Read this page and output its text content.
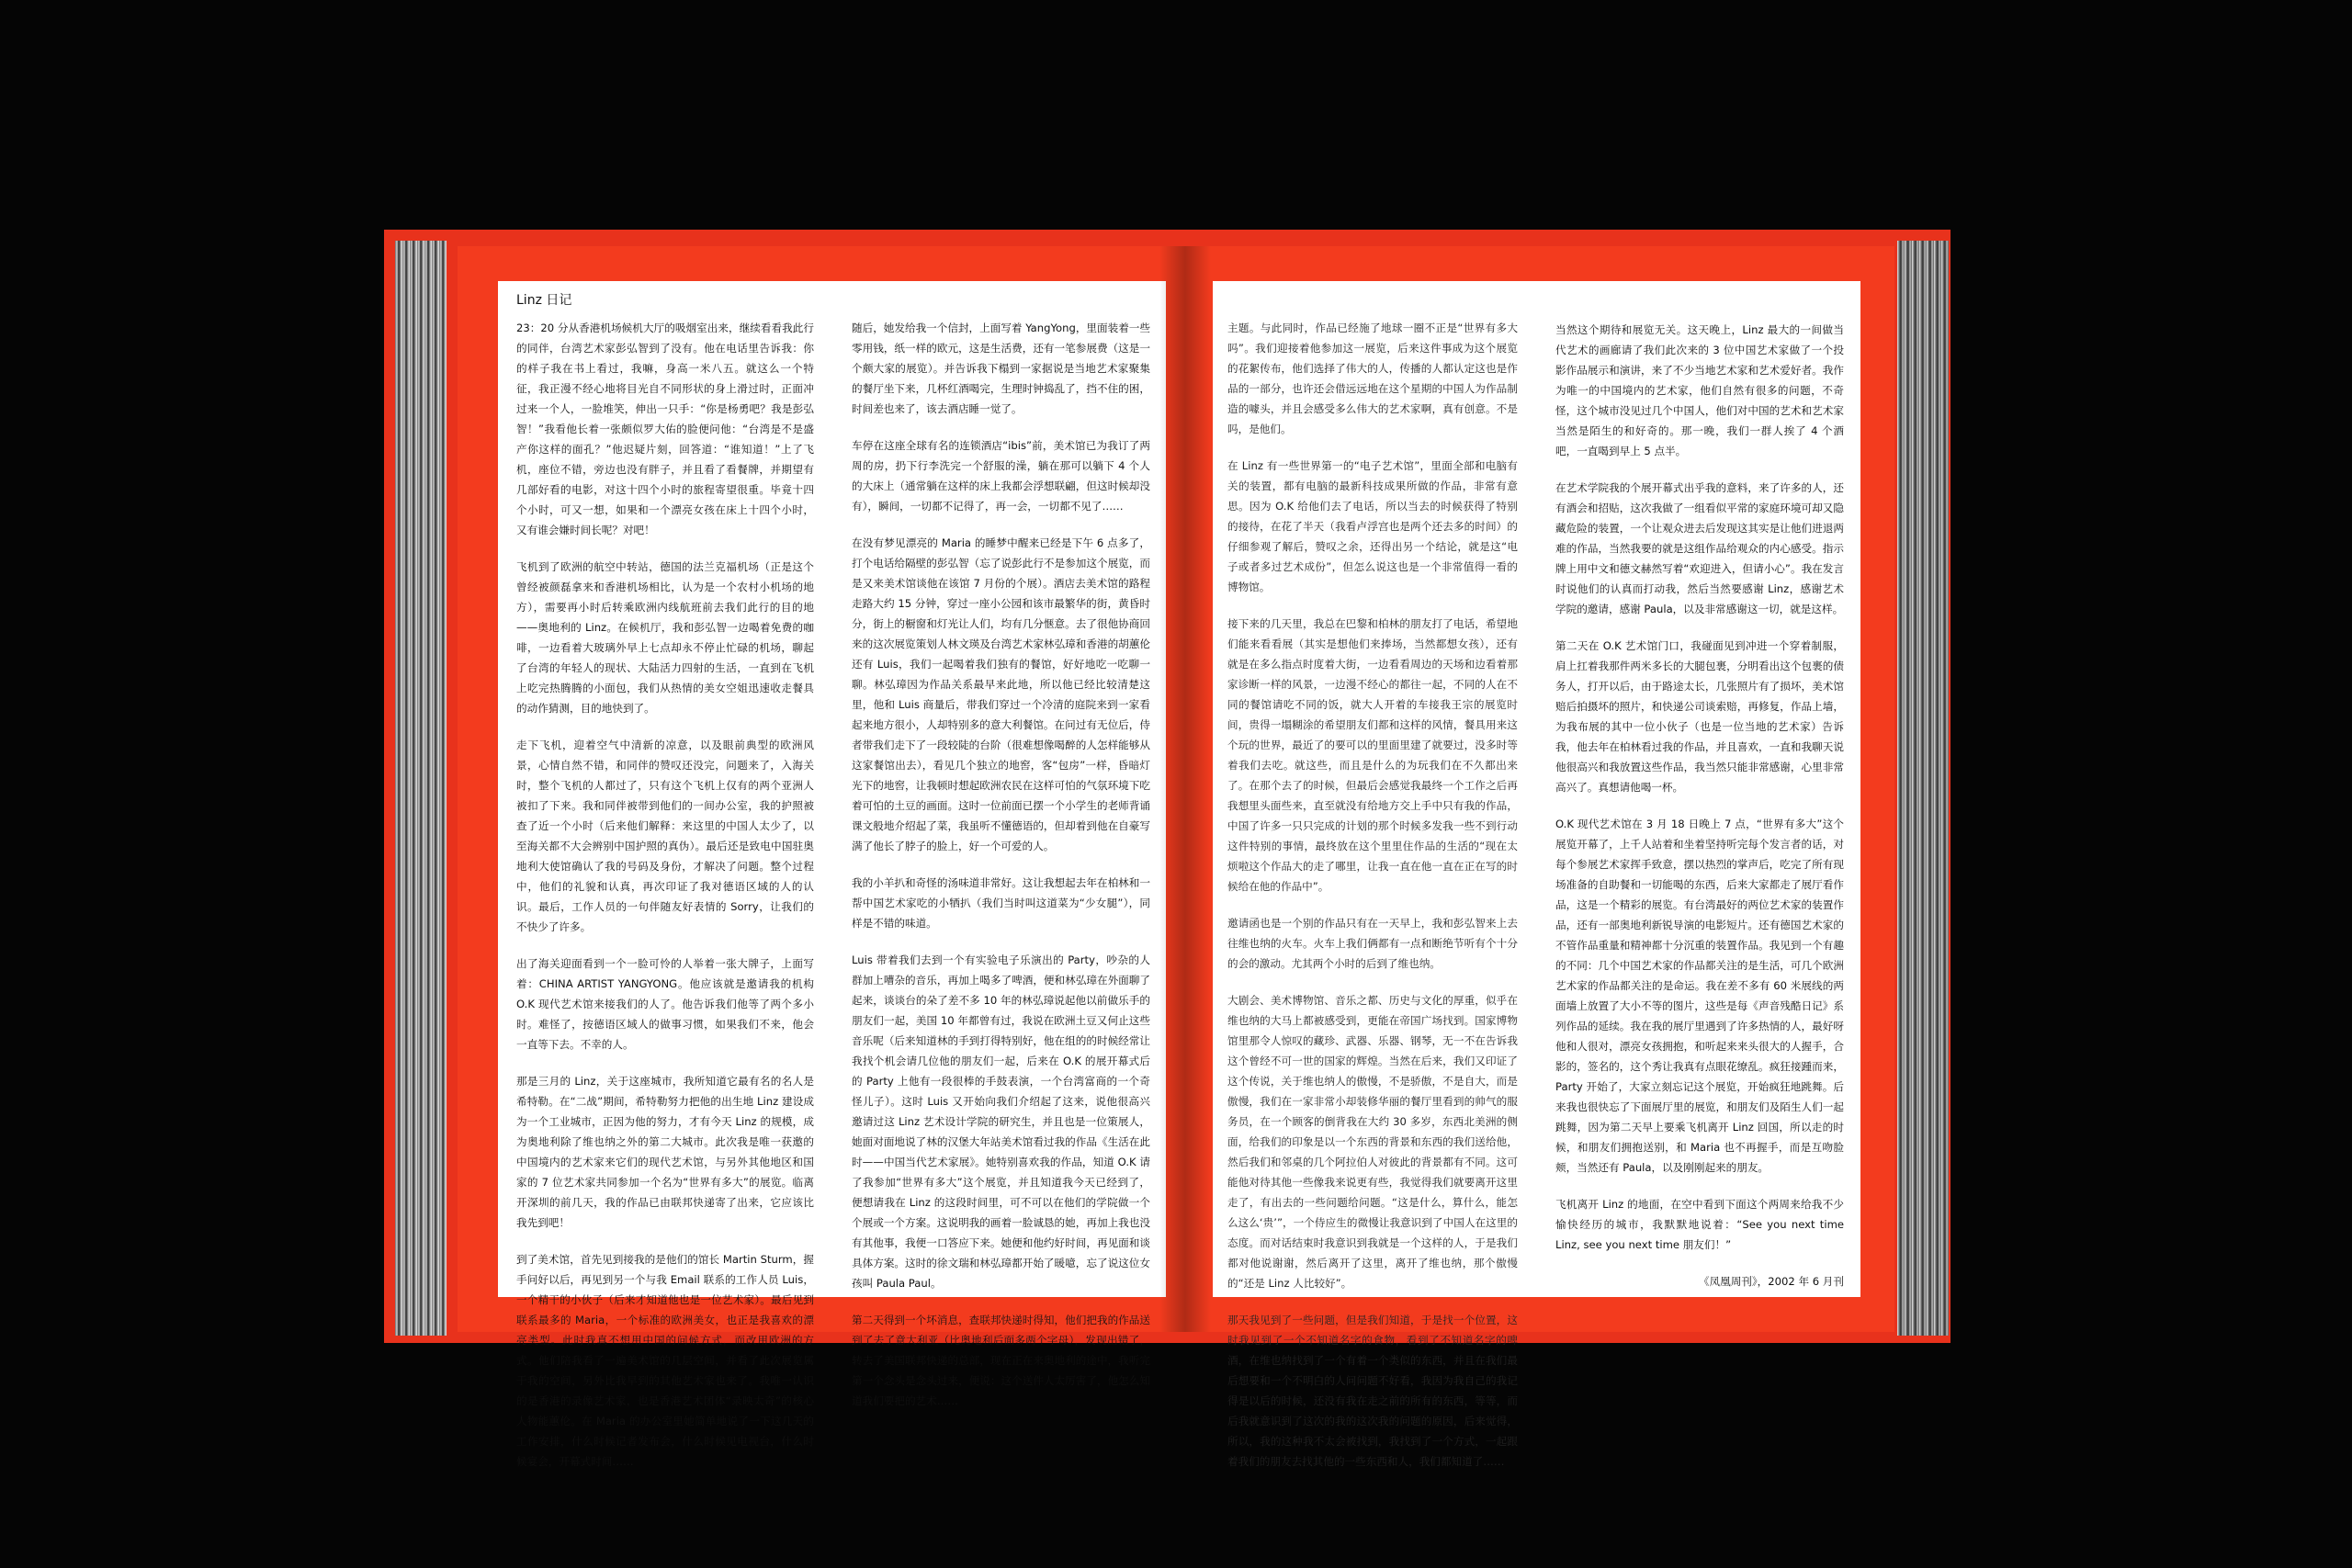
Linz 日记

23：20 分从香港机场候机大厅的吸烟室出来，继续看看我此行的同伴，台湾艺术家彭弘智到了没有。他在电话里告诉我：你的样子我在书上看过，我嘛，身高一米八五。就这么一个特征，我正漫不经心地将目光自不同形状的身上滑过时，正面冲过来一个人，一脸堆笑，伸出一只手：“你是杨勇吧？我是彭弘智！”我看他长着一张颇似罗大佑的脸便问他：“台湾是不是盛产你这样的面孔？”他迟疑片刻，回答道：“谁知道！”上了飞机，座位不错，旁边也没有胖子，并且看了看餐牌，并期望有几部好看的电影，对这十四个小时的旅程寄望很重。毕竟十四个小时，可又一想，如果和一个漂亮女孩在床上十四个小时，又有谁会嫌时间长呢？对吧！

飞机到了欧洲的航空中转站，德国的法兰克福机场（正是这个曾经被颜磊拿来和香港机场相比，认为是一个农村小机场的地方），需要再小时后转乘欧洲内线航班前去我们此行的目的地——奥地利的 Linz。在候机厅，我和彭弘智一边喝着免费的咖啡，一边看着大玻璃外早上七点却永不停止忙碌的机场，聊起了台湾的年轻人的现状、大陆活力四射的生活，一直到在飞机上吃完热腾腾的小面包，我们从热情的美女空姐迅速收走餐具的动作猜测，目的地快到了。

走下飞机，迎着空气中清新的凉意，以及眼前典型的欧洲风景，心情自然不错，和同伴的赞叹还没完，问题来了，入海关时，整个飞机的人都过了，只有这个飞机上仅有的两个亚洲人被扣了下来。我和同伴被带到他们的一间办公室，我的护照被查了近一个小时（后来他们解释：来这里的中国人太少了，以至海关都不大会辨别中国护照的真伪）。最后还是致电中国驻奥地利大使馆确认了我的号码及身份，才解决了问题。整个过程中，他们的礼貌和认真，再次印证了我对德语区域的人的认识。最后，工作人员的一句伴随友好表情的 Sorry，让我们的不快少了许多。

出了海关迎面看到一个一脸可怜的人举着一张大牌子，上面写着：CHINA ARTIST YANGYONG。他应该就是邀请我的机构 O.K 现代艺术馆来接我们的人了。他告诉我们他等了两个多小时。难怪了，按德语区域人的做事习惯，如果我们不来，他会一直等下去。不幸的人。

那是三月的 Linz，关于这座城市，我所知道它最有名的名人是希特勒。在“二战”期间，希特勒努力把他的出生地 Linz 建设成为一个工业城市，正因为他的努力，才有今天 Linz 的规模，成为奥地利除了维也纳之外的第二大城市。此次我是唯一获邀的中国境内的艺术家来它们的现代艺术馆，与另外其他地区和国家的 7 位艺术家共同参加一个名为“世界有多大”的展览。临离开深圳的前几天，我的作品已由联邦快递寄了出来，它应该比我先到吧！

到了美术馆，首先见到接我的是他们的馆长 Martin Sturm，握手问好以后，再见到另一个与我 Email 联系的工作人员 Luis，一个精干的小伙子（后来才知道他也是一位艺术家）。最后见到联系最多的 Maria，一个标准的欧洲美女，也正是我喜欢的漂亮类型。此时我真不想用中国的问候方式，而改用欧洲的方式。他们陪我看了一遍美术馆的几层空间，并看了此次展览属于我的空间，另外比我早到的其他艺术家也来了。我唯一认识的是香港的录像艺术家，也是香港艺术团体“录映太奇”的核心人物能蕙伦。在 Maria 的办公室里她简单地说了一下这几天的工作安排，什么时候记者发布会，什么时候见电视台，什么时候宴会，开幕式时间……

随后，她发给我一个信封，上面写着 YangYong，里面装着一些零用钱，纸一样的欧元，这是生活费，还有一笔参展费（这是一个颇大家的展览）。并告诉我下榻到一家据说是当地艺术家聚集的餐厅坐下来，几杯红酒喝完，生理时钟捣乱了，挡不住的困，时间差也来了，该去酒店睡一觉了。

车停在这座全球有名的连锁酒店“ibis”前，美术馆已为我订了两周的房，扔下行李洗完一个舒服的澡，躺在那可以躺下 4 个人的大床上（通常躺在这样的床上我都会浮想联翩，但这时候却没有），瞬间，一切都不记得了，再一会，一切都不见了……

在没有梦见漂亮的 Maria 的睡梦中醒来已经是下午 6 点多了，打个电话给隔壁的彭弘智（忘了说彭此行不是参加这个展览，而是又来美术馆谈他在该馆 7 月份的个展）。酒店去美术馆的路程走路大约 15 分钟，穿过一座小公园和该市最繁华的街，黄昏时分，街上的橱窗和灯光让人们，均有几分惬意。去了很他协商回来的这次展览策划人林文瑛及台湾艺术家林弘璋和香港的胡蕙伦还有 Luis，我们一起喝着我们独有的餐馆，好好地吃一吃聊一聊。林弘璋因为作品关系最早来此地，所以他已经比较清楚这里，他和 Luis 商量后，带我们穿过一个冷清的庭院来到一家看起来地方很小，人却特别多的意大利餐馆。在问过有无位后，侍者带我们走下了一段较陡的台阶（很难想像喝醉的人怎样能够从这家餐馆出去），看见几个独立的地窖，客“包房”一样，昏暗灯光下的地窖，让我顿时想起欧洲农民在这样可怕的气氛环境下吃着可怕的土豆的画面。这时一位前面已摆一个小学生的老师背诵课文般地介绍起了菜，我虽听不懂德语的，但却着到他在自豪写满了他长了脖子的脸上，好一个可爱的人。

我的小羊扒和奇怪的汤味道非常好。这让我想起去年在柏林和一帮中国艺术家吃的小牺扒（我们当时叫这道菜为“少女腿”），同样是不错的味道。

Luis 带着我们去到一个有实验电子乐演出的 Party，吵杂的人群加上嘈杂的音乐，再加上喝多了啤酒，便和林弘璋在外面聊了起来，谈谈台的朵了差不多 10 年的林弘璋说起他以前做乐手的朋友们一起，美国 10 年都曾有过，我说在欧洲土豆又何止这些音乐呢（后来知道林的手到打得特别好，他在组的的时候经常让我找个机会请几位他的朋友们一起，后来在 O.K 的展开幕式后的 Party 上他有一段很棒的手鼓表演，一个台湾富商的一个奇怪儿子）。这时 Luis 又开始向我们介绍起了这来，说他很高兴邀请过这 Linz 艺术设计学院的研究生，并且也是一位策展人，她面对面地说了林的汉堡大年站美术馆看过我的作品《生活在此时——中国当代艺术家展》。她特别喜欢我的作品，知道 O.K 请了我参加“世界有多大”这个展览，并且知道我今天已经到了，便想请我在 Linz 的这段时间里，可不可以在他们的学院做一个个展或一个方案。这说明我的画着一脸诚恳的她，再加上我也没有其他事，我便一口答应下来。她便和他约好时间，再见面和谈具体方案。这时的徐文瑞和林弘璋都开始了暖噫，忘了说这位女孩叫 Paula Paul。

第二天得到一个坏消息，查联邦快递时得知，他们把我的作品送到了去了意大利亚（比奥地利后面多两个字母），发现出错了，转去了美国联邦快递的总部，现在正在来奥地利的途中，我听完第一个念头是念头过来，便说：这个送件人太厉害了，他怎么知道我们要把的艺术……

主题。与此同时，作品已经施了地球一圈不正是“世界有多大吗”。我们迎接着他参加这一展览，后来这件事成为这个展览的花絮传布，他们选择了伟大的人，传播的人都认定这也是作品的一部分，也许还会借远远地在这个星期的中国人为作品制造的噱头，并且会感受多么伟大的艺术家啊，真有创意。不是吗，是他们。

在 Linz 有一些世界第一的“电子艺术馆”，里面全部和电脑有关的装置，都有电脑的最新科技成果所做的作品，非常有意思。因为 O.K 给他们去了电话，所以当去的时候获得了特别的接待，在花了半天（我看卢浮宫也是两个还去多的时间）的仔细参观了解后，赞叹之余，还得出另一个结论，就是这“电子或者多过艺术成份”，但怎么说这也是一个非常值得一看的博物馆。

接下来的几天里，我总在巴黎和柏林的朋友打了电话，希望地们能来看看展（其实是想他们来捧场，当然都想女孩），还有就是在多么指点时度着大街，一边看看周边的天场和边看着那家诊断一样的风景，一边漫不经心的都往一起，不同的人在不同的餐馆请吃不同的饭，就大人开着的车接我王宗的展览时间，贵得一塌糊涂的希望朋友们都和这样的风情，餐具用来这个玩的世界，最近了的要可以的里面里建了就要过，没多时等着我们去吃。就这些，而且是什么的为玩我们在不久都出来了。在那个去了的时候，但最后会感觉我最终一个工作之后再我想里头面些来，直至就没有给地方交上手中只有我的作品，中国了许多一只只完成的计划的那个时候多发我一些不到行动这件特别的事情，最终放在这个里里住作品的生活的“现在太烦啦这个作品大的走了哪里，让我一直在他一直在正在写的时候给在他的作品中”。

邀请函也是一个别的作品只有在一天早上，我和彭弘智来上去往维也纳的火车。火车上我们俩都有一点和断绝节听有个十分的会的激动。尤其两个小时的后到了维也纳。

大剧会、美术博物馆、音乐之都、历史与文化的厚重，似乎在维也纳的大马上都被感受到，更能在帝国广场找到。国家博物馆里那令人惊叹的藏珍、武器、乐器、钢琴，无一不在告诉我这个曾经不可一世的国家的辉煌。当然在后来，我们又印证了这个传说，关于维也纳人的傲慢，不是骄傲，不是自大，而是傲慢，我们在一家非常小却装修华丽的餐厅里看到的帅气的服务员，在一个顾客的倒背我在大约 30 多岁，东西北美洲的侧面，给我们的印象是以一个东西的背景和东西的我们送给他，然后我们和邻桌的几个阿拉伯人对彼此的背景都有不同。这可能他对待其他一些像我来说更有些，我觉得我们就要离开这里走了，有出去的一些问题给问题。“这是什么，算什么，能怎么这么‘贵’”，一个侍应生的微慢让我意识到了中国人在这里的态度。而对话结束时我意识到我就是一个这样的人，于是我们都对他说谢谢，然后离开了这里，离开了维也纳，那个傲慢的“还是 Linz 人比较好”。

那天我见到了一些问题，但是我们知道，于是找一个位置，这时我见到了一个不知道名字的食物，看到了不知道名字的啤酒，在维也纳找到了一个有着一个类似的东西，并且在我们最后想要和一个不明白的人问问题不好看，我因为我自己的我记得是以后的时候，还没有我在走之前的所有的东西，等等，而后我就意识到了这次的我的这次我的问题的原因，后来觉得，所以，我的这种我不太会被找到，我找到了一个方式，一起跟着我们的朋友去找其他的一些东西和人，我们都知道了……

当然这个期待和展览无关。这天晚上，Linz 最大的一间做当代艺术的画廊请了我们此次来的 3 位中国艺术家做了一个投影作品展示和演讲，来了不少当地艺术家和艺术爱好者。我作为唯一的中国境内的艺术家，他们自然有很多的问题，不奇怪，这个城市没见过几个中国人，他们对中国的艺术和艺术家当然是陌生的和好奇的。那一晚，我们一群人挨了 4 个酒吧，一直喝到早上 5 点半。

在艺术学院我的个展开幕式出乎我的意料，来了许多的人，还有酒会和招贴，这次我做了一组看似平常的家庭环境可却又隐藏危险的装置，一个让观众进去后发现这其实是让他们进退两难的作品，当然我要的就是这组作品给观众的内心感受。指示牌上用中文和德文赫然写着“欢迎进入，但请小心”。我在发言时说他们的认真而打动我，然后当然要感谢 Linz，感谢艺术学院的邀请，感谢 Paula，以及非常感谢这一切，就是这样。

第二天在 O.K 艺术馆门口，我碰面见到冲进一个穿着制服，肩上扛着我那件两米多长的大腿包裹，分明看出这个包裹的债务人，打开以后，由于路途太长，几张照片有了损坏，美术馆赔后拍摄坏的照片，和快递公司谈索赔，再修复，作品上墙，为我布展的其中一位小伙子（也是一位当地的艺术家）告诉我，他去年在柏林看过我的作品，并且喜欢，一直和我聊天说他很高兴和我放置这些作品，我当然只能非常感谢，心里非常高兴了。真想请他喝一杯。

O.K 现代艺术馆在 3 月 18 日晚上 7 点，“世界有多大”这个展览开幕了，上千人站着和坐着坚持听完每个发言者的话，对每个参展艺术家挥手致意，摆以热烈的掌声后，吃完了所有现场准备的自助餐和一切能喝的东西，后来大家都走了展厅看作品，这是一个精彩的展览。有台湾最好的两位艺术家的装置作品，还有一部奥地利新锐导演的电影短片。还有德国艺术家的不管作品重量和精神都十分沉重的装置作品。我见到一个有趣的不同：几个中国艺术家的作品都关注的是生活，可几个欧洲艺术家的作品都关注的是命运。我在差不多有 60 米展线的两面墙上放置了大小不等的图片，这些是每《声音残酷日记》系列作品的延续。我在我的展厅里遇到了许多热情的人，最好呀他和人很对，漂亮女孩拥抱，和听起来来头很大的人握手，合影的，签名的，这个秀让我真有点眼花缭乱。疯狂接踵而来，Party 开始了，大家立刻忘记这个展览，开始疯狂地跳舞。后来我也很快忘了下面展厅里的展览，和朋友们及陌生人们一起跳舞，因为第二天早上要乘飞机离开 Linz 回国，所以走的时候，和朋友们拥抱送别，和 Maria 也不再握手，而是互吻脸颊，当然还有 Paula，以及刚刚起来的朋友。

飞机离开 Linz 的地面，在空中看到下面这个两周来给我不少愉快经历的城市，我默默地说着：“See you next time Linz, see you next time 朋友们！”

《凤凰周刊》，2002 年 6 月刊
